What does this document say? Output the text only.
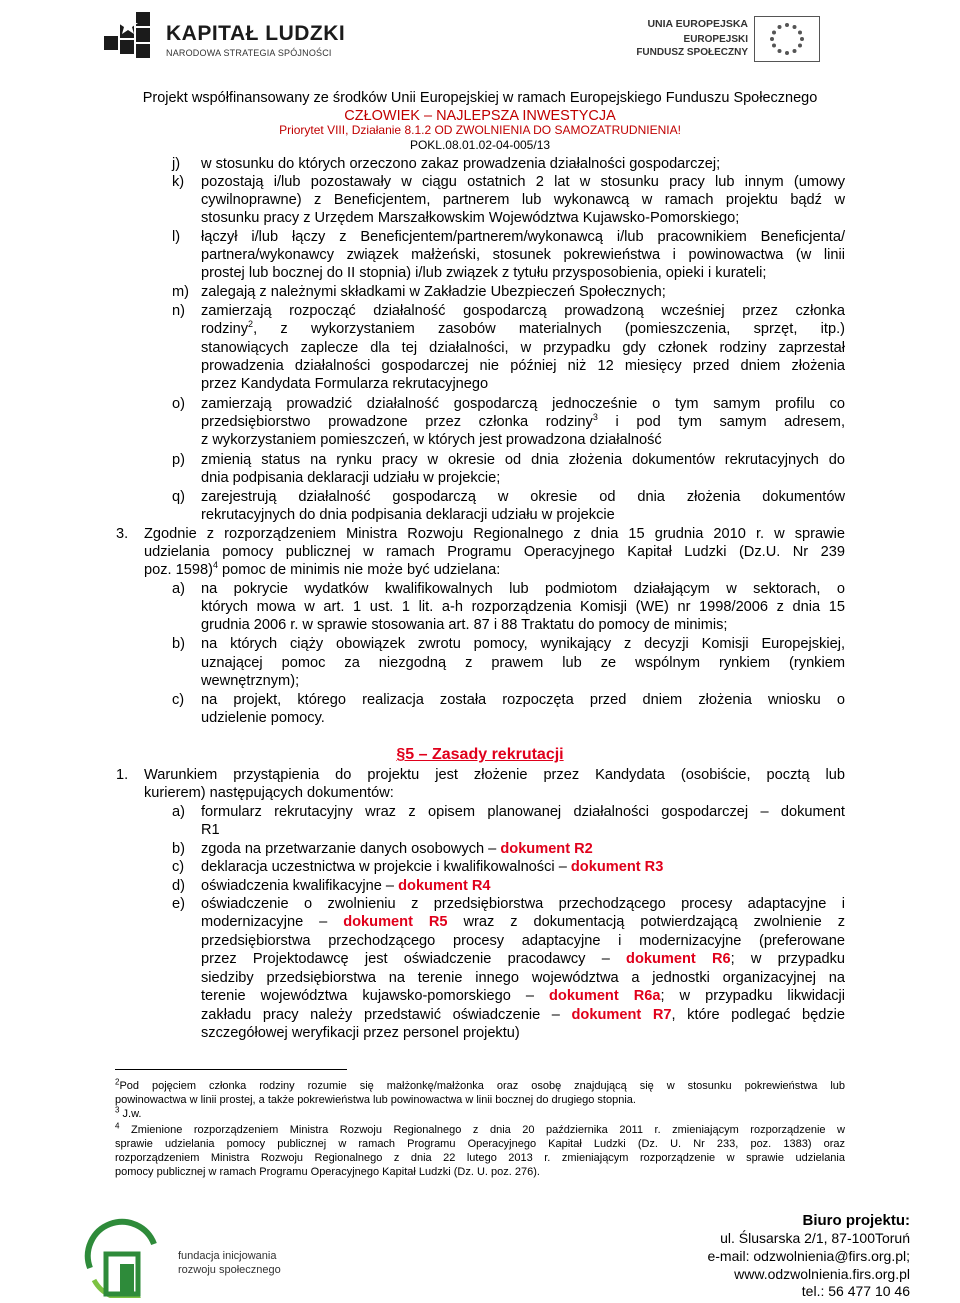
KAPITAŁ LUDZKI
NARODOWA STRATEGIA SPÓJNOŚCI
UNIA EUROPEJSKA
EUROPEJSKI
FUNDUSZ SPOŁECZNY
Projekt współfinansowany ze środków Unii Europejskiej w ramach Europejskiego Funduszu Społecznego
CZŁOWIEK – NAJLEPSZA INWESTYCJA
Priorytet VIII, Działanie 8.1.2 OD ZWOLNIENIA DO SAMOZATRUDNIENIA!
POKL.08.01.02-04-005/13
j) w stosunku do których orzeczono zakaz prowadzenia działalności gospodarczej;
k) pozostają i/lub pozostawały w ciągu ostatnich 2 lat w stosunku pracy lub innym (umowy
cywilnoprawne) z Beneficjentem, partnerem lub wykonawcą w ramach projektu bądź w
stosunku pracy z Urzędem Marszałkowskim Województwa Kujawsko-Pomorskiego;
l) łączył i/lub łączy z Beneficjentem/partnerem/wykonawcą i/lub pracownikiem Beneficjenta/
partnera/wykonawcy związek małżeński, stosunek pokrewieństwa i powinowactwa (w linii
prostej lub bocznej do II stopnia) i/lub związek z tytułu przysposobienia, opieki i kurateli;
m) zalegają z należnymi składkami w Zakładzie Ubezpieczeń Społecznych;
n) zamierzają rozpocząć działalność gospodarczą prowadzoną wcześniej przez członka
rodziny$^2$, z wykorzystaniem zasobów materialnych (pomieszczenia, sprzęt, itp.)
stanowiących zaplecze dla tej działalności, w przypadku gdy członek rodziny zaprzestał
prowadzenia działalności gospodarczej nie później niż 12 miesięcy przed dniem złożenia
przez Kandydata Formularza rekrutacyjnego
o) zamierzają prowadzić działalność gospodarczą jednocześnie o tym samym profilu co
przedsiębiorstwo prowadzone przez członka rodziny$^3$ i pod tym samym adresem,
z wykorzystaniem pomieszczeń, w których jest prowadzona działalność
p) zmienią status na rynku pracy w okresie od dnia złożenia dokumentów rekrutacyjnych do
dnia podpisania deklaracji udziału w projekcie;
q) zarejestrują działalność gospodarczą w okresie od dnia złożenia dokumentów
rekrutacyjnych do dnia podpisania deklaracji udziału w projekcie
3. Zgodnie z rozporządzeniem Ministra Rozwoju Regionalnego z dnia 15 grudnia 2010 r. w sprawie
udzielania pomocy publicznej w ramach Programu Operacyjnego Kapitał Ludzki (Dz.U. Nr 239
poz. 1598)$^4$ pomoc de minimis nie może być udzielana:
a) na pokrycie wydatków kwalifikowalnych lub podmiotom działającym w sektorach, o
których mowa w art. 1 ust. 1 lit. a-h rozporządzenia Komisji (WE) nr 1998/2006 z dnia 15
grudnia 2006 r. w sprawie stosowania art. 87 i 88 Traktatu do pomocy de minimis;
b) na których ciąży obowiązek zwrotu pomocy, wynikający z decyzji Komisji Europejskiej,
uznającej pomoc za niezgodną z prawem lub ze wspólnym rynkiem (rynkiem
wewnętrznym);
c) na projekt, którego realizacja została rozpoczęta przed dniem złożenia wniosku o
udzielenie pomocy.
§5 – Zasady rekrutacji
1. Warunkiem przystąpienia do projektu jest złożenie przez Kandydata (osobiście, pocztą lub
kurierem) następujących dokumentów:
a) formularz rekrutacyjny wraz z opisem planowanej działalności gospodarczej – dokument
R1
b) zgoda na przetwarzanie danych osobowych – dokument R2
c) deklaracja uczestnictwa w projekcie i kwalifikowalności – dokument R3
d) oświadczenia kwalifikacyjne – dokument R4
e) oświadczenie o zwolnieniu z przedsiębiorstwa przechodzącego procesy adaptacyjne i
modernizacyjne – dokument R5 wraz z dokumentacją potwierdzającą zwolnienie z
przedsiębiorstwa przechodzącego procesy adaptacyjne i modernizacyjne (preferowane
przez Projektodawcę jest oświadczenie pracodawcy – dokument R6; w przypadku
siedziby przedsiębiorstwa na terenie innego województwa a jednostki organizacyjnej na
terenie województwa kujawsko-pomorskiego – dokument R6a; w przypadku likwidacji
zakładu pracy należy przedstawić oświadczenie – dokument R7, które podlegać będzie
szczegółowej weryfikacji przez personel projektu)
$^2$Pod pojęciem członka rodziny rozumie się małżonkę/małżonka oraz osobę znajdującą się w stosunku pokrewieństwa lub
powinowactwa w linii prostej, a także pokrewieństwa lub powinowactwa w linii bocznej do drugiego stopnia.
$^3$ J.w.
$^4$ Zmienione rozporządzeniem Ministra Rozwoju Regionalnego z dnia 20 października 2011 r. zmieniającym rozporządzenie w
sprawie udzielania pomocy publicznej w ramach Programu Operacyjnego Kapitał Ludzki (Dz. U. Nr 233, poz. 1383) oraz
rozporządzeniem Ministra Rozwoju Regionalnego z dnia 22 lutego 2013 r. zmieniającym rozporządzenie w sprawie udzielania
pomocy publicznej w ramach Programu Operacyjnego Kapitał Ludzki (Dz. U. poz. 276).
fundacja inicjowania
rozwoju społecznego
Biuro projektu:
ul. Ślusarska 2/1, 87-100Toruń
e-mail: odzwolnienia@firs.org.pl;
www.odzwolnienia.firs.org.pl
tel.: 56 477 10 46
